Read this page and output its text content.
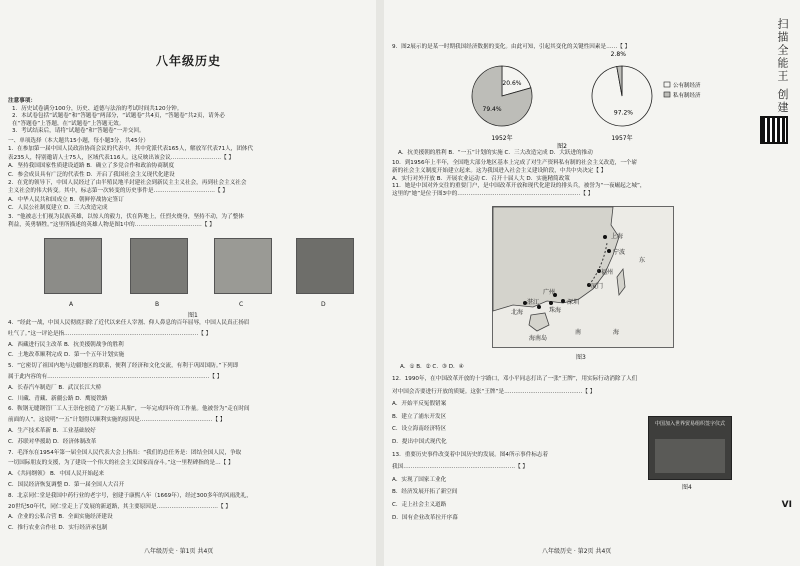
八年级历史
注意事项：
1．历史试卷满分100分，历史、道德与法治的考试时间共120分钟。
2．本试卷包括“试题卷”和“答题卷”两部分，“试题卷”共4页，“答题卷”共2页，请务必
在“答题卷”上答题，在“试题卷”上答题无效。
3．考试结束后，请将“试题卷”和“答题卷”一并交回。
一、单项选择（本大题共15小题，每小题3分，共45分）
1．在参加第一届中国人民政治协商会议的代表中，其中党派代表165人，解放军代表71人，团体代
表235人，特别邀请人士75人，区域代表116人。这反映出该会议………………………【 】
A．坚持我国国家性质建设道路 B．确立了多党合作和政治协商制度
C．参会成员具有广泛的代表性 D．开启了我国社会主义现代化建设
2．在党的领导下，中国人民经过了由半殖民地半封建社会到新民主主义社会，再到社会主义社会
主义社会的伟大转变。其中，标志第一次转变的历史事件是……………………………【 】
A．中华人民共和国成立 B．朝鲜停战协定签订
C．人民公社制度建立 D．三大改造完成
3．“他被志士们视为民族英雄，以惊人的毅力，伏在阵地上，任烈火烧身，坚持不动，为了整体
利益，英勇牺牲。”这里所描述的英雄人物是图1中的………………………………【 】
A	B	C	D
图1
4．“经此一战，中国人民彻底扫除了近代以来任人宰割、仰人鼻息的百年屈辱，中国人民真正扬眉
吐气了。”这一评论是指………………………………………………………………【 】
A．西藏进行民主改革 B．抗美援朝战争的胜利
C．土地改革顺利完成 D．第一个五年计划实施
5．“它密切了祖国内地与边疆地区的联系，便利了经济和文化交流，有利于巩固国防。”下列即
属于此内容的有……………………………………………………………………………【 】
A．长春汽车制造厂 B．武汉长江大桥
C．川藏、青藏、新疆公路 D．鹰厦铁路
6．鞍钢无缝钢管厂工人王崇伦创造了“万能工具胎”，一年完成四年的工作量。他被誉为“走在时间
前面的人”。这说明“一五”计划得以顺利实施的原因是…………………………………【 】
A．生产技术革新 B．工业基础较好
C．苏联对华援助 D．经济体制改革
7．毛泽东在1954年第一届全国人民代表大会上指出：“我们的总任务是：团结全国人民，争取
一切国际朋友的支援，为了建设一个伟大的社会主义国家而奋斗。”这一里程碑指的是…【 】
A．《共同纲领》 B．中国人民开始起来
C．国民经济恢复调整 D．第一届全国人大召开
8．北京同仁堂是我国中药行业的老字号，创建于康熙八年（1669年），经过300多年的风雨洗礼，
20世纪50年代，同仁堂走上了发展的新道路，其主要原因是……………………………【 】
A．企业的公私合营 B．全面实施经济建设
C．推行农业合作社 D．实行经济承包制
八年级历史 · 第1页 共4页
9．图2展示的是某一时期我国经济数据的变化。由此可知，引起其变化的关键性因素是……【 】
20.6%
79.4%
1952年
97.2%
2.8%
1957年
公有制经济
私有制经济
图2
A．抗美援朝的胜利 B．“一五”计划的实施 C．三大改造完成 D．大跃进的推动
10．到1956年上半年，全国绝大部分地区基本上完成了对生产资料私有制的社会主义改造，一个崭
新的社会主义制度开始建立起来。这为我国进入社会主义建设阶段，中共中央决定【 】
A．实行对外开放 B．开展农业运动 C．召开十届人大 D．实施精简政策
11．她是中国对外交往的重要门户，是中国改革开放和现代化建设的排头兵，被誉为“一夜崛起之城”，
这里的“她”是位于图3中的…………………………………………………………【 】
上海
宁波
东
福州
厦门
广州
深圳
珠海
北海
湛江
海南岛
南	海
图3
A．① B．② C．③ D．④
12．1990年，在中国改革开放的十字路口，邓小平同志打出了一张“王牌”，用实际行动消除了人们
对中国会否要进行开放的质疑。这张“王牌”是……………………………………【 】
A．开始平反冤假错案
B．建立了浦东开发区
C．设立海南经济特区
D．提出中国式现代化
13．重要历史事件改变着中国历史的发展。图4所示事件标志着
我国……………………………………………………【 】
A．实现了国家工业化
B．经济发展开拓了新空间
C．走上社会主义道路
D．国有企业改革拉开序幕
中国加入世界贸易组织签字仪式
图4
八年级历史 · 第2页 共4页
扫描全能王 创建
VI
